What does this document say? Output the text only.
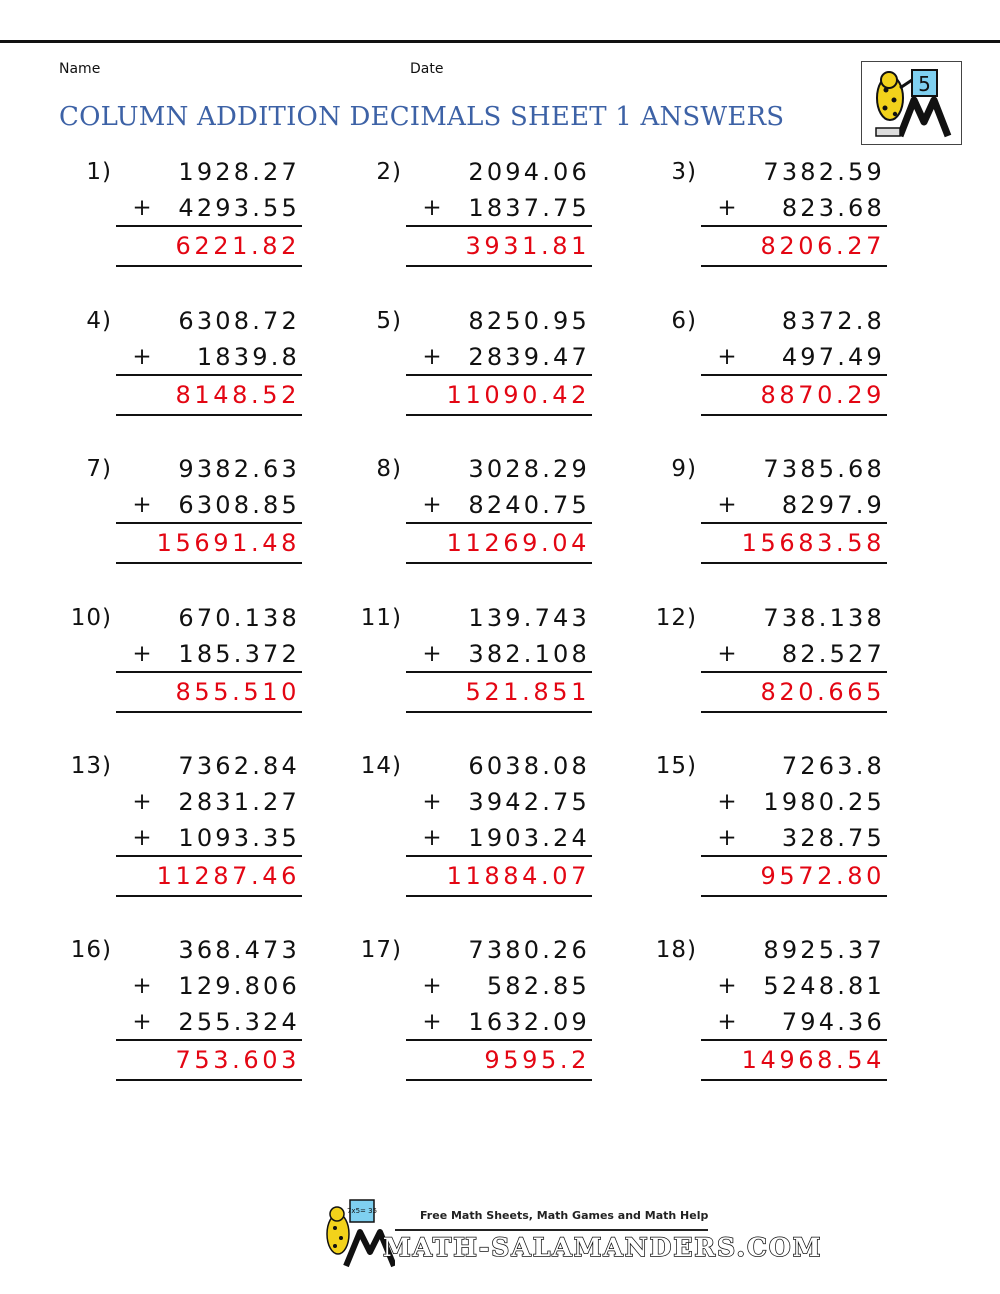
Name	Date
COLUMN ADDITION DECIMALS SHEET 1 ANSWERS
5
1)	1928.27
+	4293.55
6221.82
2)	2094.06
+	1837.75
3931.81
3)	7382.59
+	823.68
8206.27
4)	6308.72
+	1839.8
8148.52
5)	8250.95
+	2839.47
11090.42
6)	8372.8
+	497.49
8870.29
7)	9382.63
+	6308.85
15691.48
8)	3028.29
+	8240.75
11269.04
9)	7385.68
+	8297.9
15683.58
10)	670.138
+	185.372
855.510
11)	139.743
+	382.108
521.851
12)	738.138
+	82.527
820.665
13)	7362.84
+	2831.27
+	1093.35
11287.46
14)	6038.08
+	3942.75
+	1903.24
11884.07
15)	7263.8
+	1980.25
+	328.75
9572.80
16)	368.473
+	129.806
+	255.324
753.603
17)	7380.26
+	582.85
+	1632.09
9595.2
18)	8925.37
+	5248.81
+	794.36
14968.54
7x5= 35	Free Math Sheets, Math Games and Math Help
MATH-SALAMANDERS.COM
